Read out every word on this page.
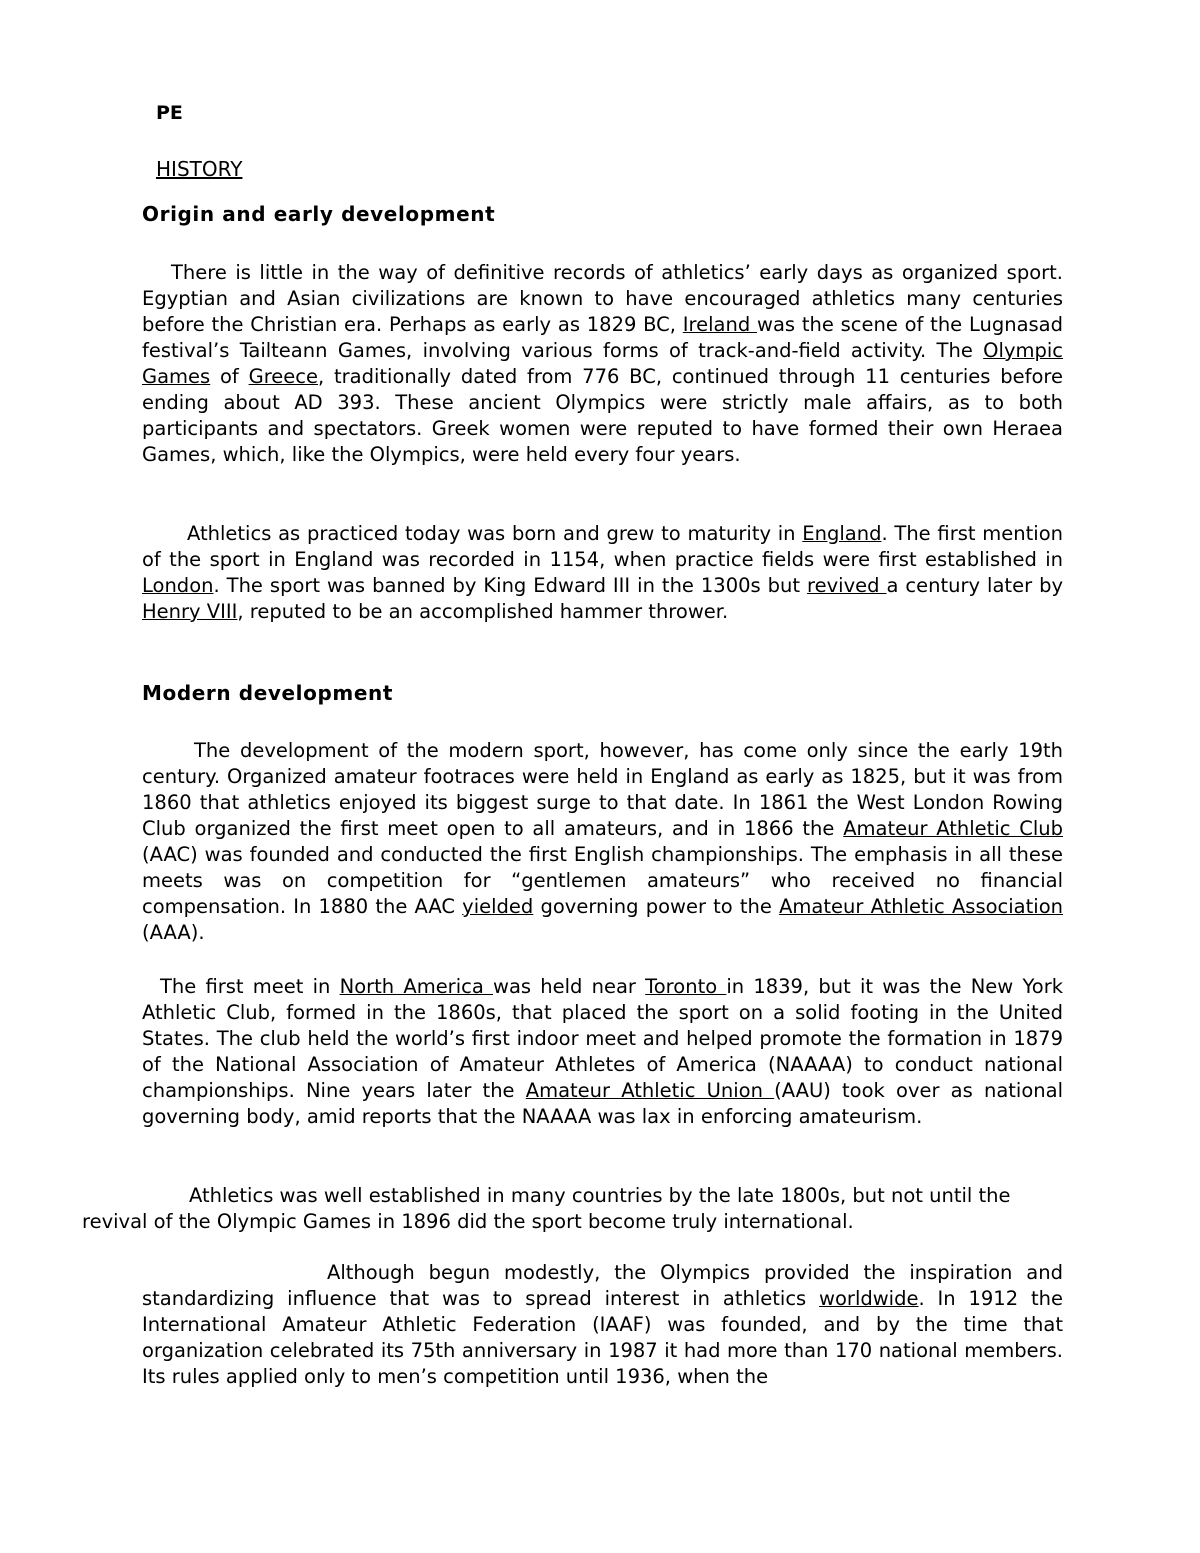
PE

HISTORY

Origin and early development

There is little in the way of definitive records of athletics’ early days as organized sport. Egyptian and Asian civilizations are known to have encouraged athletics many centuries before the Christian era. Perhaps as early as 1829 BC, Ireland was the scene of the Lugnasad festival’s Tailteann Games, involving various forms of track-and-field activity. The Olympic Games of Greece, traditionally dated from 776 BC, continued through 11 centuries before ending about AD 393. These ancient Olympics were strictly male affairs, as to both participants and spectators. Greek women were reputed to have formed their own Heraea Games, which, like the Olympics, were held every four years.

Athletics as practiced today was born and grew to maturity in England. The first mention of the sport in England was recorded in 1154, when practice fields were first established in London. The sport was banned by King Edward III in the 1300s but revived a century later by Henry VIII, reputed to be an accomplished hammer thrower.

Modern development

The development of the modern sport, however, has come only since the early 19th century. Organized amateur footraces were held in England as early as 1825, but it was from 1860 that athletics enjoyed its biggest surge to that date. In 1861 the West London Rowing Club organized the first meet open to all amateurs, and in 1866 the Amateur Athletic Club (AAC) was founded and conducted the first English championships. The emphasis in all these meets was on competition for “gentlemen amateurs” who received no financial compensation. In 1880 the AAC yielded governing power to the Amateur Athletic Association (AAA).

The first meet in North America was held near Toronto in 1839, but it was the New York Athletic Club, formed in the 1860s, that placed the sport on a solid footing in the United States. The club held the world’s first indoor meet and helped promote the formation in 1879 of the National Association of Amateur Athletes of America (NAAAA) to conduct national championships. Nine years later the Amateur Athletic Union (AAU) took over as national governing body, amid reports that the NAAAA was lax in enforcing amateurism.

Athletics was well established in many countries by the late 1800s, but not until the revival of the Olympic Games in 1896 did the sport become truly international.

Although begun modestly, the Olympics provided the inspiration and standardizing influence that was to spread interest in athletics worldwide. In 1912 the International Amateur Athletic Federation (IAAF) was founded, and by the time that organization celebrated its 75th anniversary in 1987 it had more than 170 national members. Its rules applied only to men’s competition until 1936, when the
